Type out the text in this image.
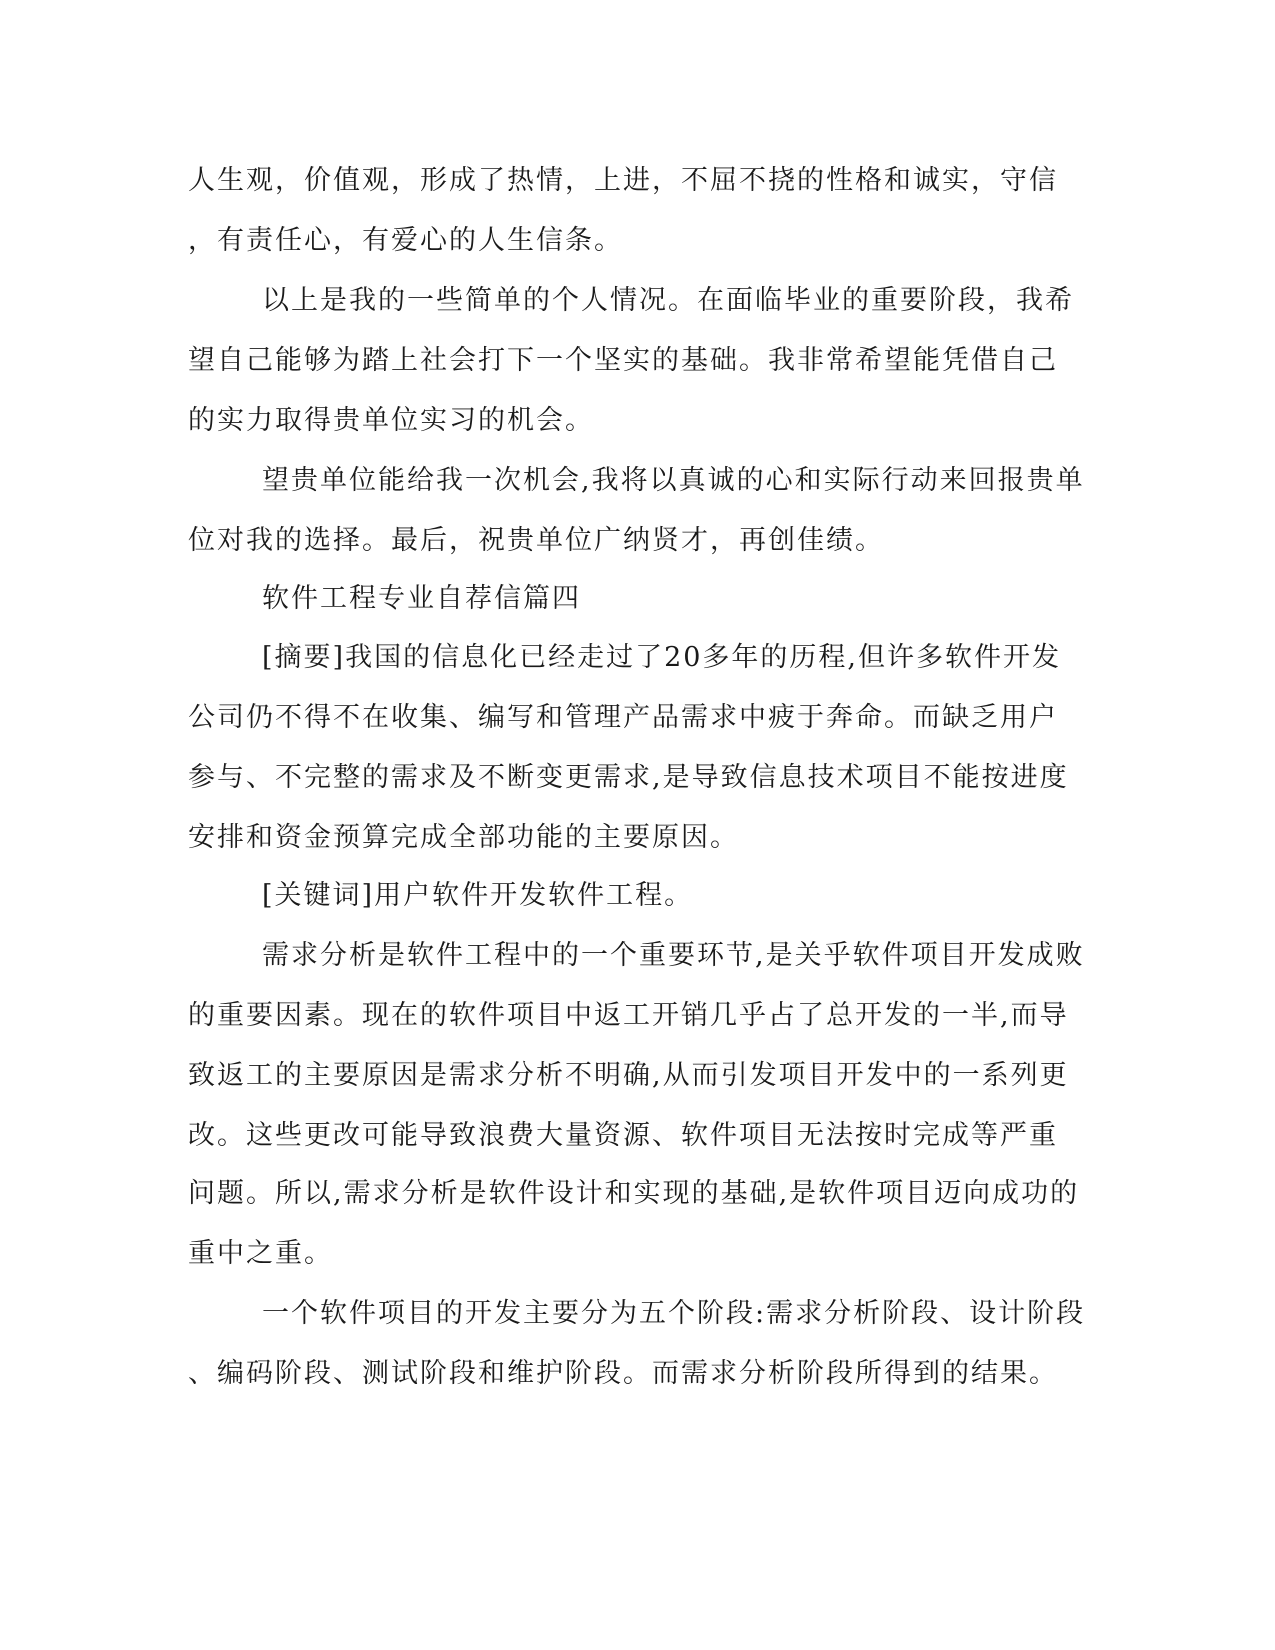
人生观，价值观，形成了热情，上进，不屈不挠的性格和诚实，守信
，有责任心，有爱心的人生信条。
以上是我的一些简单的个人情况。在面临毕业的重要阶段，我希
望自己能够为踏上社会打下一个坚实的基础。我非常希望能凭借自己
的实力取得贵单位实习的机会。
望贵单位能给我一次机会,我将以真诚的心和实际行动来回报贵单
位对我的选择。最后，祝贵单位广纳贤才，再创佳绩。
软件工程专业自荐信篇四
[摘要]我国的信息化已经走过了20多年的历程,但许多软件开发
公司仍不得不在收集、编写和管理产品需求中疲于奔命。而缺乏用户
参与、不完整的需求及不断变更需求,是导致信息技术项目不能按进度
安排和资金预算完成全部功能的主要原因。
[关键词]用户软件开发软件工程。
需求分析是软件工程中的一个重要环节,是关乎软件项目开发成败
的重要因素。现在的软件项目中返工开销几乎占了总开发的一半,而导
致返工的主要原因是需求分析不明确,从而引发项目开发中的一系列更
改。这些更改可能导致浪费大量资源、软件项目无法按时完成等严重
问题。所以,需求分析是软件设计和实现的基础,是软件项目迈向成功的
重中之重。
一个软件项目的开发主要分为五个阶段:需求分析阶段、设计阶段
、编码阶段、测试阶段和维护阶段。而需求分析阶段所得到的结果。
